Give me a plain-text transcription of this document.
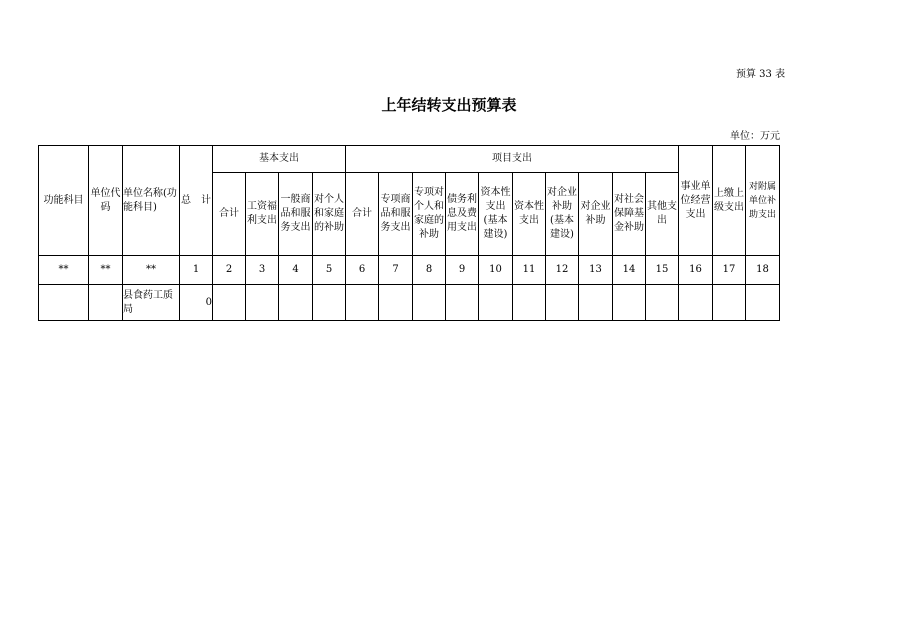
预算 33 表
上年结转支出预算表
单位：万元
功能科目	单位代码	单位名称(功能科目)	总　计	基本支出				项目支出										事业单位经营支出	上缴上级支出	对附属单位补助支出
				合计	工资福利支出	一般商品和服务支出	对个人和家庭的补助	合计	专项商品和服务支出	专项对个人和家庭的补助	债务利息及费用支出	资本性支出(基本建设)	资本性支出	对企业补助(基本建设)	对企业补助	对社会保障基金补助	其他支出			
**	**	**	1	2	3	4	5	6	7	8	9	10	11	12	13	14	15	16	17	18
		县食药工质局	0																	
